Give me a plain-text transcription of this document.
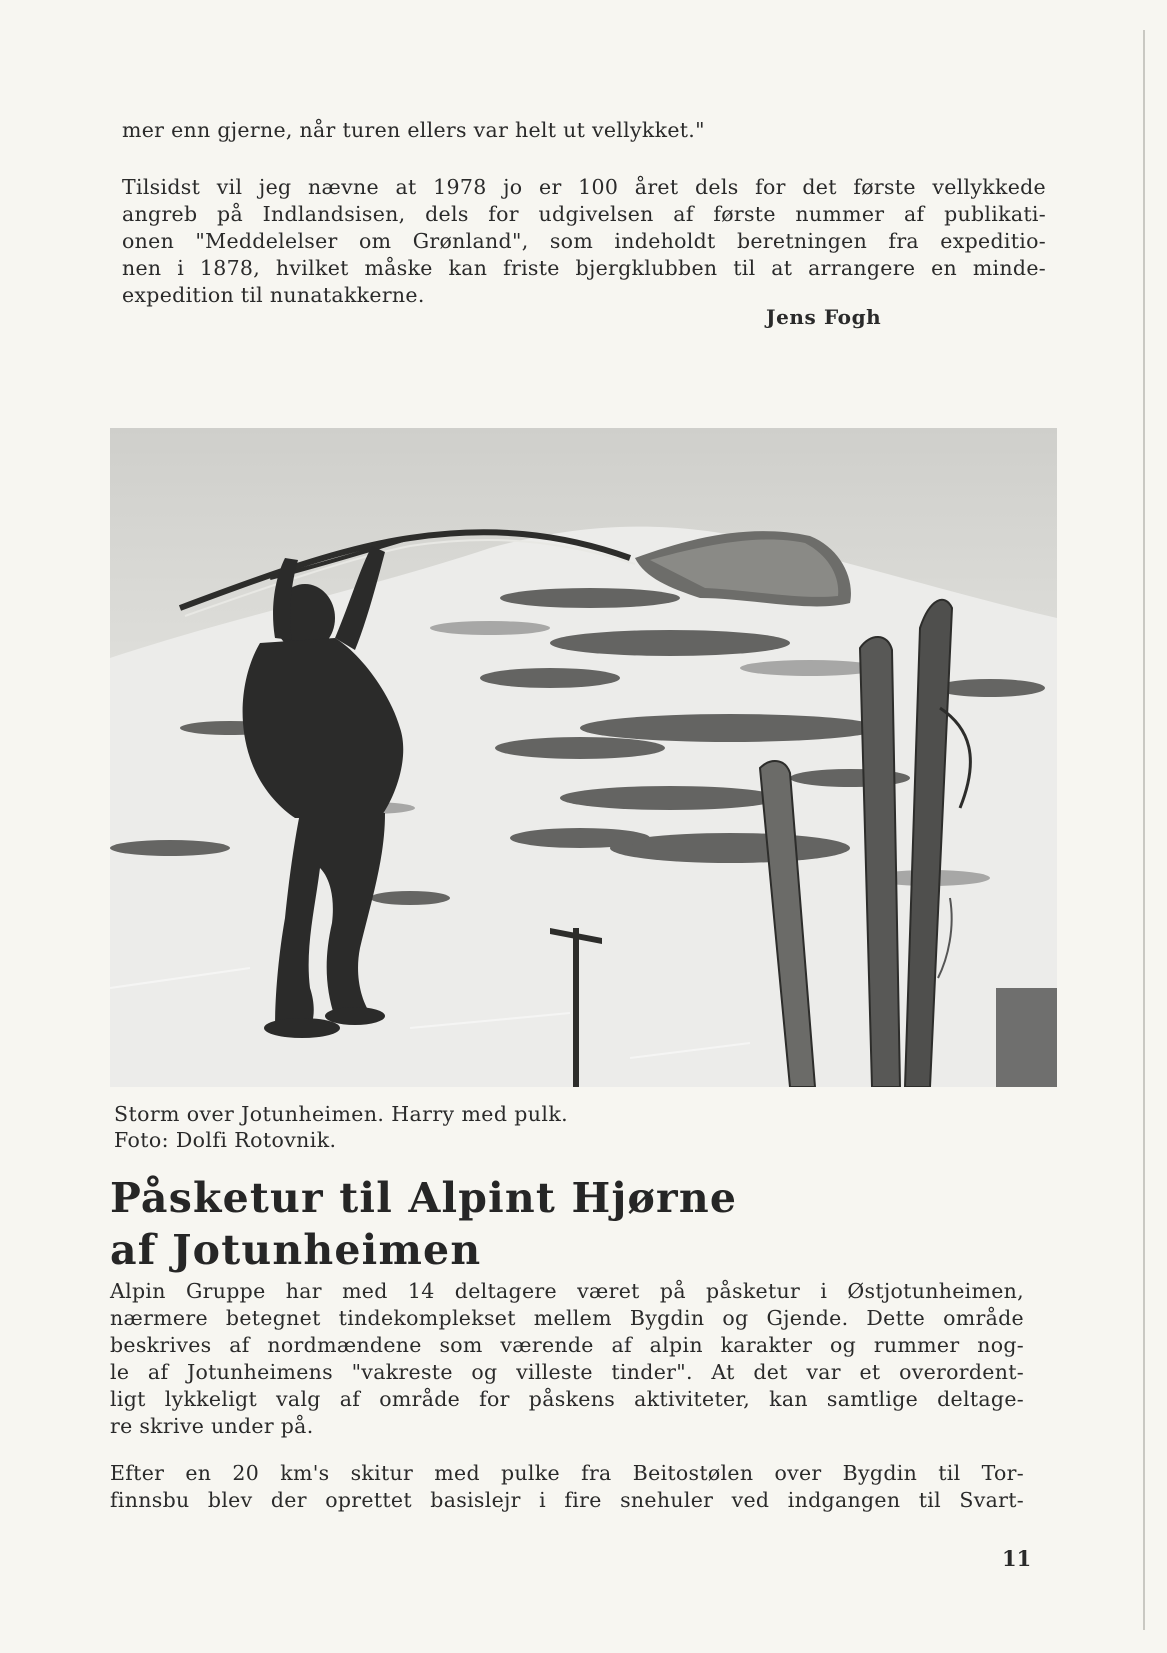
mer enn gjerne, når turen ellers var helt ut vellykket."
Tilsidst vil jeg nævne at 1978 jo er 100 året dels for det første vellykkede
angreb på Indlandsisen, dels for udgivelsen af første nummer af publikati-
onen "Meddelelser om Grønland", som indeholdt beretningen fra expeditio-
nen i 1878, hvilket måske kan friste bjergklubben til at arrangere en minde-
expedition til nunatakkerne.
Jens Fogh
Storm over Jotunheimen. Harry med pulk.
Foto: Dolfi Rotovnik.
Påsketur til Alpint Hjørne
af Jotunheimen
Alpin Gruppe har med 14 deltagere været på påsketur i Østjotunheimen,
nærmere betegnet tindekomplekset mellem Bygdin og Gjende. Dette område
beskrives af nordmændene som værende af alpin karakter og rummer nog-
le af Jotunheimens "vakreste og villeste tinder". At det var et overordent-
ligt lykkeligt valg af område for påskens aktiviteter, kan samtlige deltage-
re skrive under på.
Efter en 20 km's skitur med pulke fra Beitostølen over Bygdin til Tor-
finnsbu blev der oprettet basislejr i fire snehuler ved indgangen til Svart-
11
